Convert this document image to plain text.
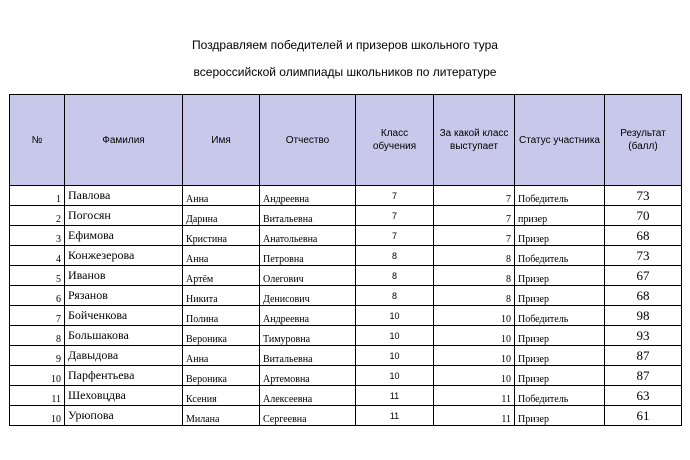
Поздравляем победителей и призеров школьного тура
всероссийской олимпиады школьников по литературе
№	Фамилия	Имя	Отчество	Класс обучения	За какой класс выступает	Статус участника	Результат (балл)
1	Павлова	Анна	Андреевна	7	7	Победитель	73
2	Погосян	Дарина	Витальевна	7	7	призер	70
3	Ефимова	Кристина	Анатольевна	7	7	Призер	68
4	Конжезерова	Анна	Петровна	8	8	Победитель	73
5	Иванов	Артём	Олегович	8	8	Призер	67
6	Рязанов	Никита	Денисович	8	8	Призер	68
7	Бойченкова	Полина	Андреевна	10	10	Победитель	98
8	Большакова	Вероника	Тимуровна	10	10	Призер	93
9	Давыдова	Анна	Витальевна	10	10	Призер	87
10	Парфентьева	Вероника	Артемовна	10	10	Призер	87
11	Шеховцдва	Ксения	Алексеевна	11	11	Победитель	63
10	Урюпова	Милана	Сергеевна	11	11	Призер	61
